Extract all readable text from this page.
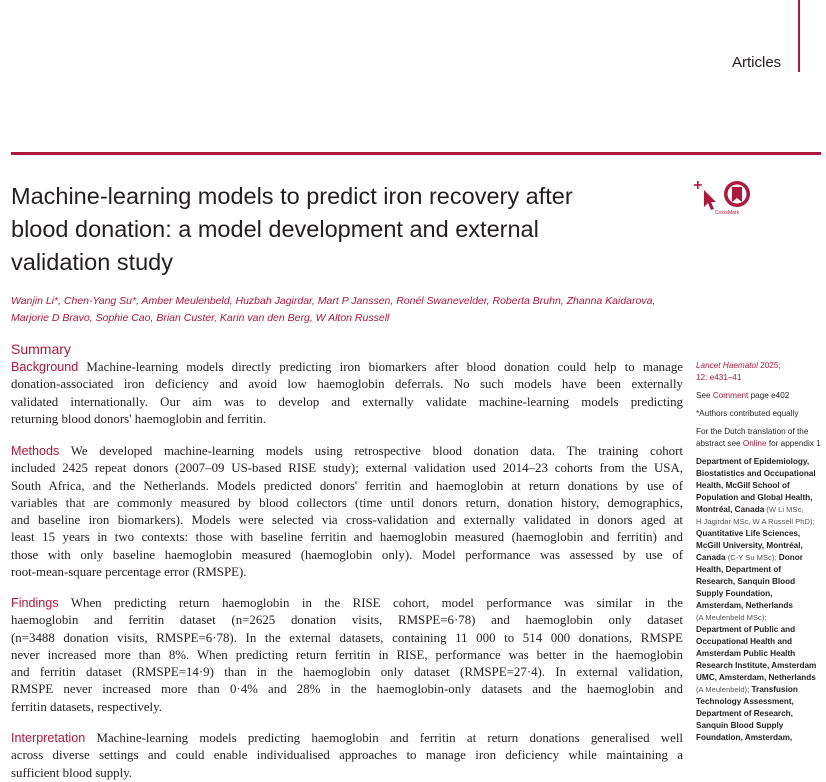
Articles
Machine-learning models to predict iron recovery after
blood donation: a model development and external
validation study
CrossMark
Wanjin Li*, Chen-Yang Su*, Amber Meulenbeld, Huzbah Jagirdar, Mart P Janssen, Ronél Swanevelder, Roberta Bruhn, Zhanna Kaidarova,
Marjorie D Bravo, Sophie Cao, Brian Custer, Karin van den Berg, W Alton Russell
Summary

Background Machine-learning models directly predicting iron biomarkers after blood donation could help to manage
donation-associated iron deficiency and avoid low haemoglobin deferrals. No such models have been externally
validated internationally. Our aim was to develop and externally validate machine-learning models predicting
returning blood donors' haemoglobin and ferritin.

Methods We developed machine-learning models using retrospective blood donation data. The training cohort
included 2425 repeat donors (2007–09 US-based RISE study); external validation used 2014–23 cohorts from the USA,
South Africa, and the Netherlands. Models predicted donors' ferritin and haemoglobin at return donations by use of
variables that are commonly measured by blood collectors (time until donors return, donation history, demographics,
and baseline iron biomarkers). Models were selected via cross-validation and externally validated in donors aged at
least 15 years in two contexts: those with baseline ferritin and haemoglobin measured (haemoglobin and ferritin) and
those with only baseline haemoglobin measured (haemoglobin only). Model performance was assessed by use of
root-mean-square percentage error (RMSPE).

Findings When predicting return haemoglobin in the RISE cohort, model performance was similar in the
haemoglobin and ferritin dataset (n=2625 donation visits, RMSPE=6·78) and haemoglobin only dataset
(n=3488 donation visits, RMSPE=6·78). In the external datasets, containing 11 000 to 514 000 donations, RMSPE
never increased more than 8%. When predicting return ferritin in RISE, performance was better in the haemoglobin
and ferritin dataset (RMSPE=14·9) than in the haemoglobin only dataset (RMSPE=27·4). In external validation,
RMSPE never increased more than 0·4% and 28% in the haemoglobin-only datasets and the haemoglobin and
ferritin datasets, respectively.

Interpretation Machine-learning models predicting haemoglobin and ferritin at return donations generalised well
across diverse settings and could enable individualised approaches to manage iron deficiency while maintaining a
sufficient blood supply.

Lancet Haematol 2025;
12: e431–41
See Comment page e402
*Authors contributed equally
For the Dutch translation of the
abstract see Online for appendix 1
Department of Epidemiology,
Biostatistics and Occupational
Health, McGill School of
Population and Global Health,
Montréal, Canada (W Li MSc,
H Jagirdar MSc, W A Russell PhD);
Quantitative Life Sciences,
McGill University, Montréal,
Canada (C-Y Su MSc); Donor
Health, Department of
Research, Sanquin Blood
Supply Foundation,
Amsterdam, Netherlands
(A Meulenbeld MSc);
Department of Public and
Occupational Health and
Amsterdam Public Health
Research Institute, Amsterdam
UMC, Amsterdam, Netherlands
(A Meulenbeld); Transfusion
Technology Assessment,
Department of Research,
Sanquin Blood Supply
Foundation, Amsterdam,
